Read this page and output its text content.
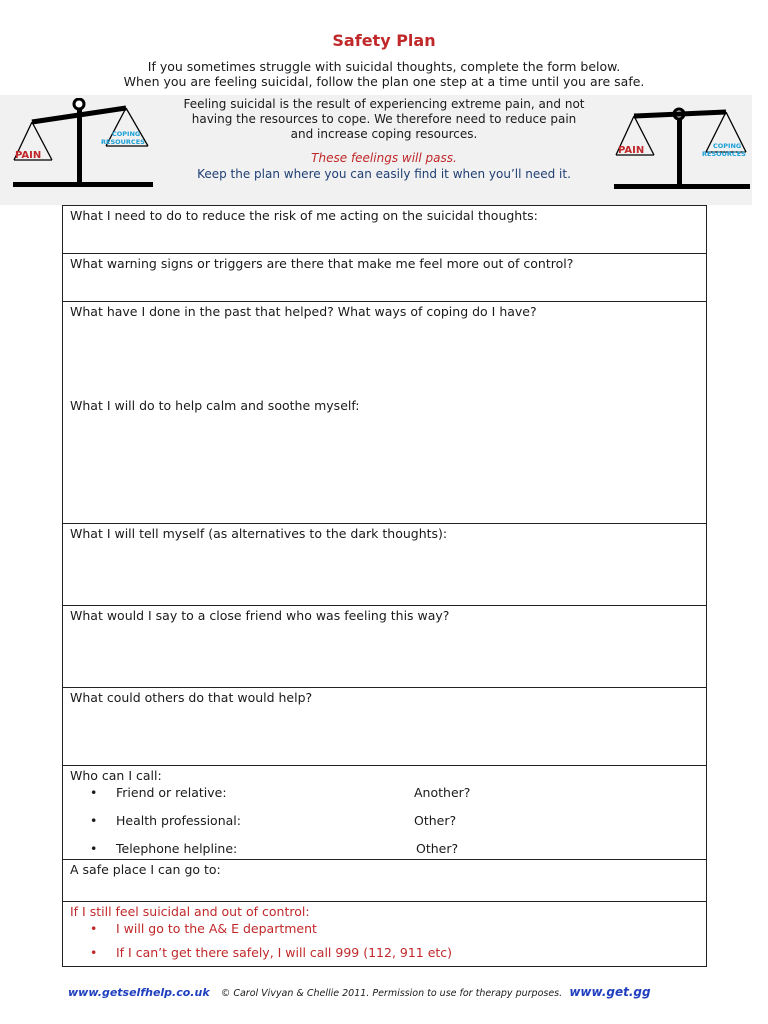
Safety Plan
If you sometimes struggle with suicidal thoughts, complete the form below.
When you are feeling suicidal, follow the plan one step at a time until you are safe.
PAIN
COPING
RESOURCES
Feeling suicidal is the result of experiencing extreme pain, and not
having the resources to cope. We therefore need to reduce pain
and increase coping resources.
These feelings will pass.
Keep the plan where you can easily find it when you’ll need it.
PAIN	COPING
RESOURCES
What I need to do to reduce the risk of me acting on the suicidal thoughts:
What warning signs or triggers are there that make me feel more out of control?
What have I done in the past that helped? What ways of coping do I have?
What I will do to help calm and soothe myself:
What I will tell myself (as alternatives to the dark thoughts):
What would I say to a close friend who was feeling this way?
What could others do that would help?
Who can I call:
• Friend or relative:	Another?
• Health professional:	Other?
• Telephone helpline:	Other?
A safe place I can go to:
If I still feel suicidal and out of control:
• I will go to the A& E department
• If I can’t get there safely, I will call 999 (112, 911 etc)
www.getselfhelp.co.uk © Carol Vivyan & Chellie 2011. Permission to use for therapy purposes. www.get.gg
